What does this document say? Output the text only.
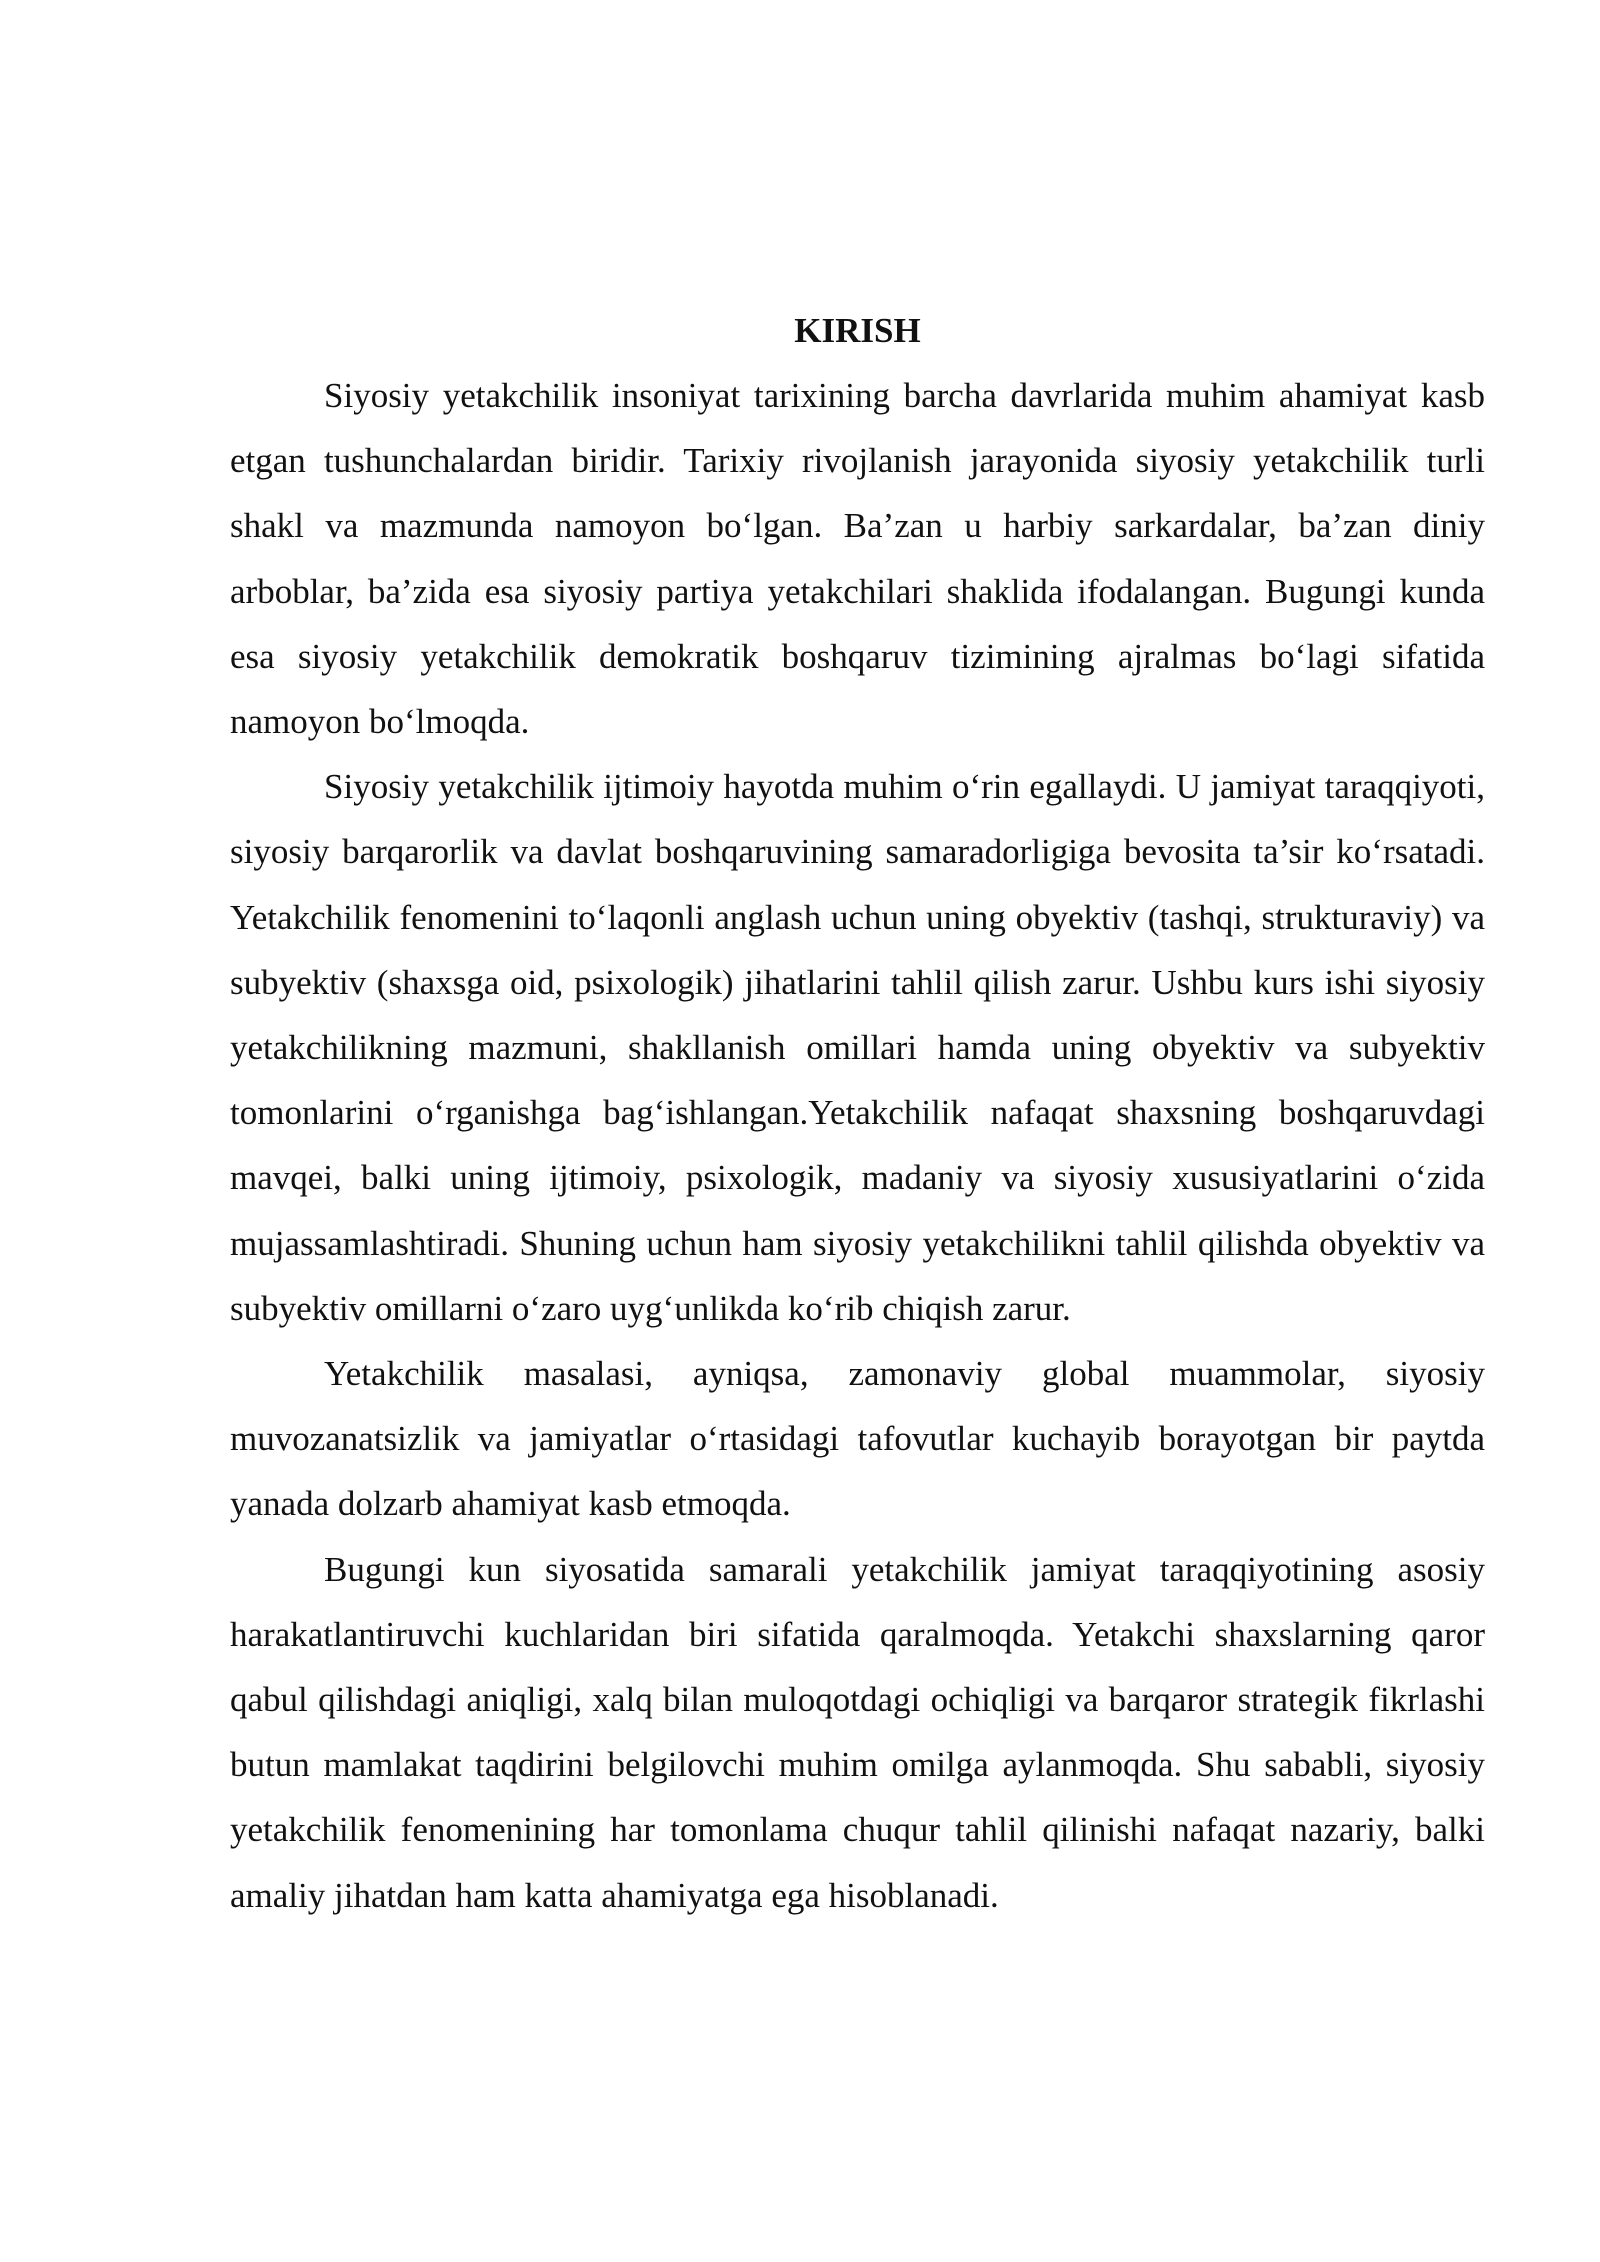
KIRISH

Siyosiy yetakchilik insoniyat tarixining barcha davrlarida muhim ahamiyat kasb etgan tushunchalardan biridir. Tarixiy rivojlanish jarayonida siyosiy yetakchilik turli shakl va mazmunda namoyon bo‘lgan. Ba’zan u harbiy sarkardalar, ba’zan diniy arboblar, ba’zida esa siyosiy partiya yetakchilari shaklida ifodalangan. Bugungi kunda esa siyosiy yetakchilik demokratik boshqaruv tizimining ajralmas bo‘lagi sifatida namoyon bo‘lmoqda.

Siyosiy yetakchilik ijtimoiy hayotda muhim o‘rin egallaydi. U jamiyat taraqqiyoti, siyosiy barqarorlik va davlat boshqaruvining samaradorligiga bevosita ta’sir ko‘rsatadi. Yetakchilik fenomenini to‘laqonli anglash uchun uning obyektiv (tashqi, strukturaviy) va subyektiv (shaxsga oid, psixologik) jihatlarini tahlil qilish zarur. Ushbu kurs ishi siyosiy yetakchilikning mazmuni, shakllanish omillari hamda uning obyektiv va subyektiv tomonlarini o‘rganishga bag‘ishlangan.Yetakchilik nafaqat shaxsning boshqaruvdagi mavqei, balki uning ijtimoiy, psixologik, madaniy va siyosiy xususiyatlarini o‘zida mujassamlashtiradi. Shuning uchun ham siyosiy yetakchilikni tahlil qilishda obyektiv va subyektiv omillarni o‘zaro uyg‘unlikda ko‘rib chiqish zarur.

Yetakchilik masalasi, ayniqsa, zamonaviy global muammolar, siyosiy muvozanatsizlik va jamiyatlar o‘rtasidagi tafovutlar kuchayib borayotgan bir paytda yanada dolzarb ahamiyat kasb etmoqda.

Bugungi kun siyosatida samarali yetakchilik jamiyat taraqqiyotining asosiy harakatlantiruvchi kuchlaridan biri sifatida qaralmoqda. Yetakchi shaxslarning qaror qabul qilishdagi aniqligi, xalq bilan muloqotdagi ochiqligi va barqaror strategik fikrlashi butun mamlakat taqdirini belgilovchi muhim omilga aylanmoqda. Shu sababli, siyosiy yetakchilik fenomenining har tomonlama chuqur tahlil qilinishi nafaqat nazariy, balki amaliy jihatdan ham katta ahamiyatga ega hisoblanadi.
